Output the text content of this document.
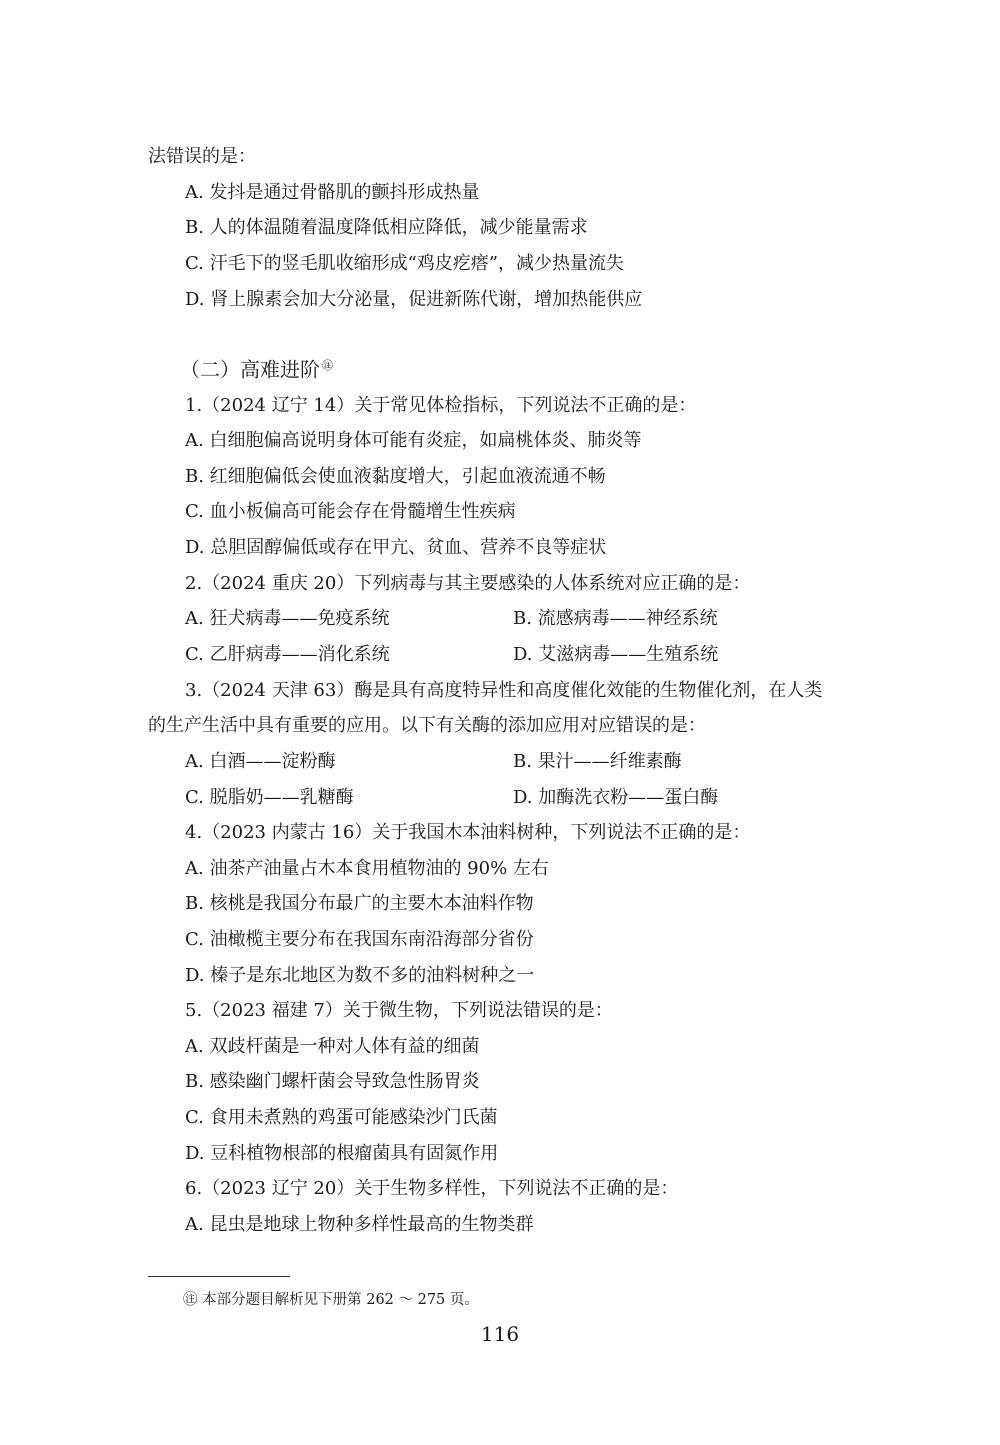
法错误的是：
A. 发抖是通过骨骼肌的颤抖形成热量
B. 人的体温随着温度降低相应降低，减少能量需求
C. 汗毛下的竖毛肌收缩形成“鸡皮疙瘩”，减少热量流失
D. 肾上腺素会加大分泌量，促进新陈代谢，增加热能供应
（二）高难进阶 ㊟
1.（2024 辽宁 14）关于常见体检指标，下列说法不正确的是：
A. 白细胞偏高说明身体可能有炎症，如扁桃体炎、肺炎等
B. 红细胞偏低会使血液黏度增大，引起血液流通不畅
C. 血小板偏高可能会存在骨髓增生性疾病
D. 总胆固醇偏低或存在甲亢、贫血、营养不良等症状
2.（2024 重庆 20）下列病毒与其主要感染的人体系统对应正确的是：
A. 狂犬病毒——免疫系统	B. 流感病毒——神经系统
C. 乙肝病毒——消化系统	D. 艾滋病毒——生殖系统
3.（2024 天津 63）酶是具有高度特异性和高度催化效能的生物催化剂，在人类
的生产生活中具有重要的应用。以下有关酶的添加应用对应错误的是：
A. 白酒——淀粉酶	B. 果汁——纤维素酶
C. 脱脂奶——乳糖酶	D. 加酶洗衣粉——蛋白酶
4.（2023 内蒙古 16）关于我国木本油料树种，下列说法不正确的是：
A. 油茶产油量占木本食用植物油的 90% 左右
B. 核桃是我国分布最广的主要木本油料作物
C. 油橄榄主要分布在我国东南沿海部分省份
D. 榛子是东北地区为数不多的油料树种之一
5.（2023 福建 7）关于微生物，下列说法错误的是：
A. 双歧杆菌是一种对人体有益的细菌
B. 感染幽门螺杆菌会导致急性肠胃炎
C. 食用未煮熟的鸡蛋可能感染沙门氏菌
D. 豆科植物根部的根瘤菌具有固氮作用
6.（2023 辽宁 20）关于生物多样性，下列说法不正确的是：
A. 昆虫是地球上物种多样性最高的生物类群
㊟ 本部分题目解析见下册第 262 ～ 275 页。
116
